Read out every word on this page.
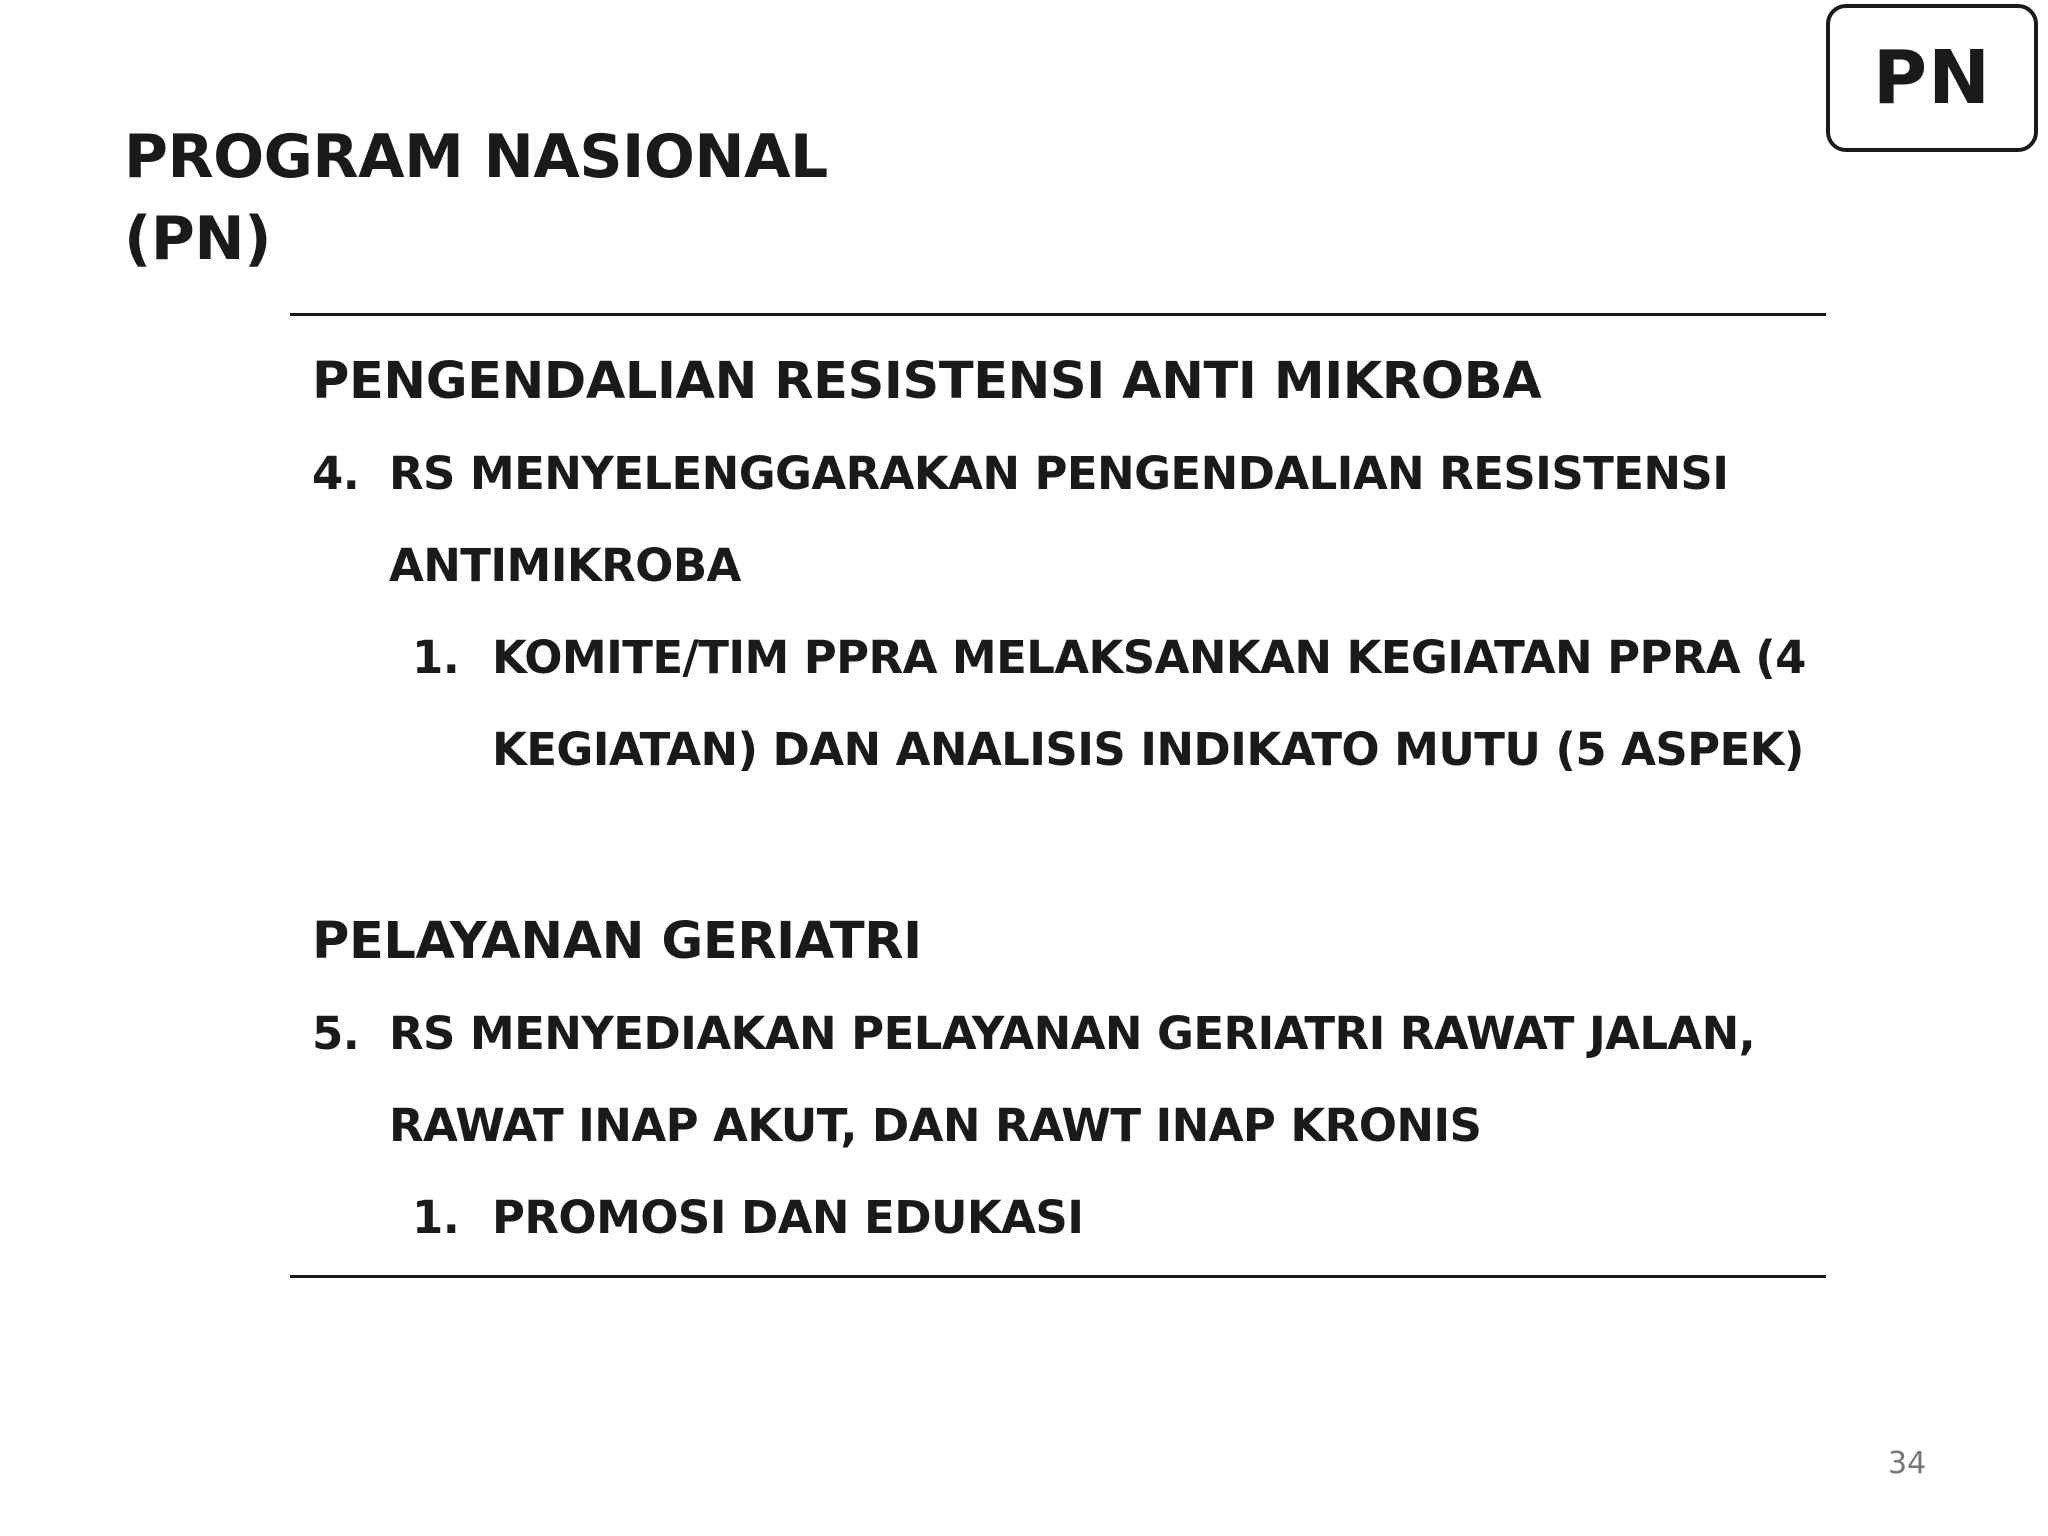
PN
PROGRAM NASIONAL
(PN)
PENGENDALIAN RESISTENSI ANTI MIKROBA
4. RS MENYELENGGARAKAN PENGENDALIAN RESISTENSI ANTIMIKROBA
1. KOMITE/TIM PPRA MELAKSANKAN KEGIATAN PPRA (4 KEGIATAN) DAN ANALISIS INDIKATO MUTU (5 ASPEK)
PELAYANAN GERIATRI
5. RS MENYEDIAKAN PELAYANAN GERIATRI RAWAT JALAN, RAWAT INAP AKUT, DAN RAWT INAP KRONIS
1. PROMOSI DAN EDUKASI
34
